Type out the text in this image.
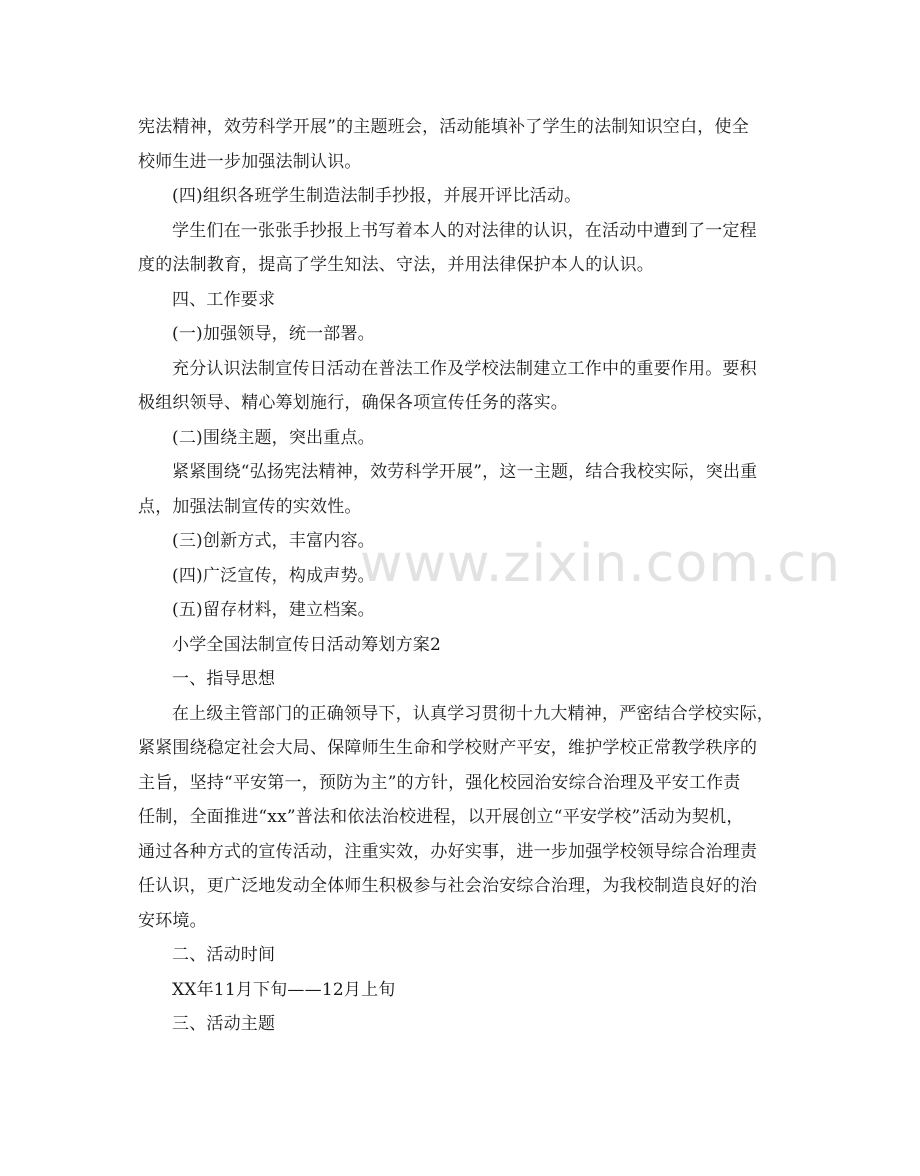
www.zixin.com.cn
宪法精神，效劳科学开展”的主题班会，活动能填补了学生的法制知识空白，使全
校师生进一步加强法制认识。
(四)组织各班学生制造法制手抄报，并展开评比活动。
学生们在一张张手抄报上书写着本人的对法律的认识，在活动中遭到了一定程
度的法制教育，提高了学生知法、守法，并用法律保护本人的认识。
四、工作要求
(一)加强领导，统一部署。
充分认识法制宣传日活动在普法工作及学校法制建立工作中的重要作用。要积
极组织领导、精心筹划施行，确保各项宣传任务的落实。
(二)围绕主题，突出重点。
紧紧围绕“弘扬宪法精神，效劳科学开展”，这一主题，结合我校实际，突出重
点，加强法制宣传的实效性。
(三)创新方式，丰富内容。
(四)广泛宣传，构成声势。
(五)留存材料，建立档案。
小学全国法制宣传日活动筹划方案2
一、指导思想
在上级主管部门的正确领导下，认真学习贯彻十九大精神，严密结合学校实际，
紧紧围绕稳定社会大局、保障师生生命和学校财产平安，维护学校正常教学秩序的
主旨，坚持“平安第一，预防为主”的方针，强化校园治安综合治理及平安工作责
任制，全面推进“xx”普法和依法治校进程，以开展创立“平安学校”活动为契机，
通过各种方式的宣传活动，注重实效，办好实事，进一步加强学校领导综合治理责
任认识，更广泛地发动全体师生积极参与社会治安综合治理，为我校制造良好的治
安环境。
二、活动时间
XX年11月下旬——12月上旬
三、活动主题
